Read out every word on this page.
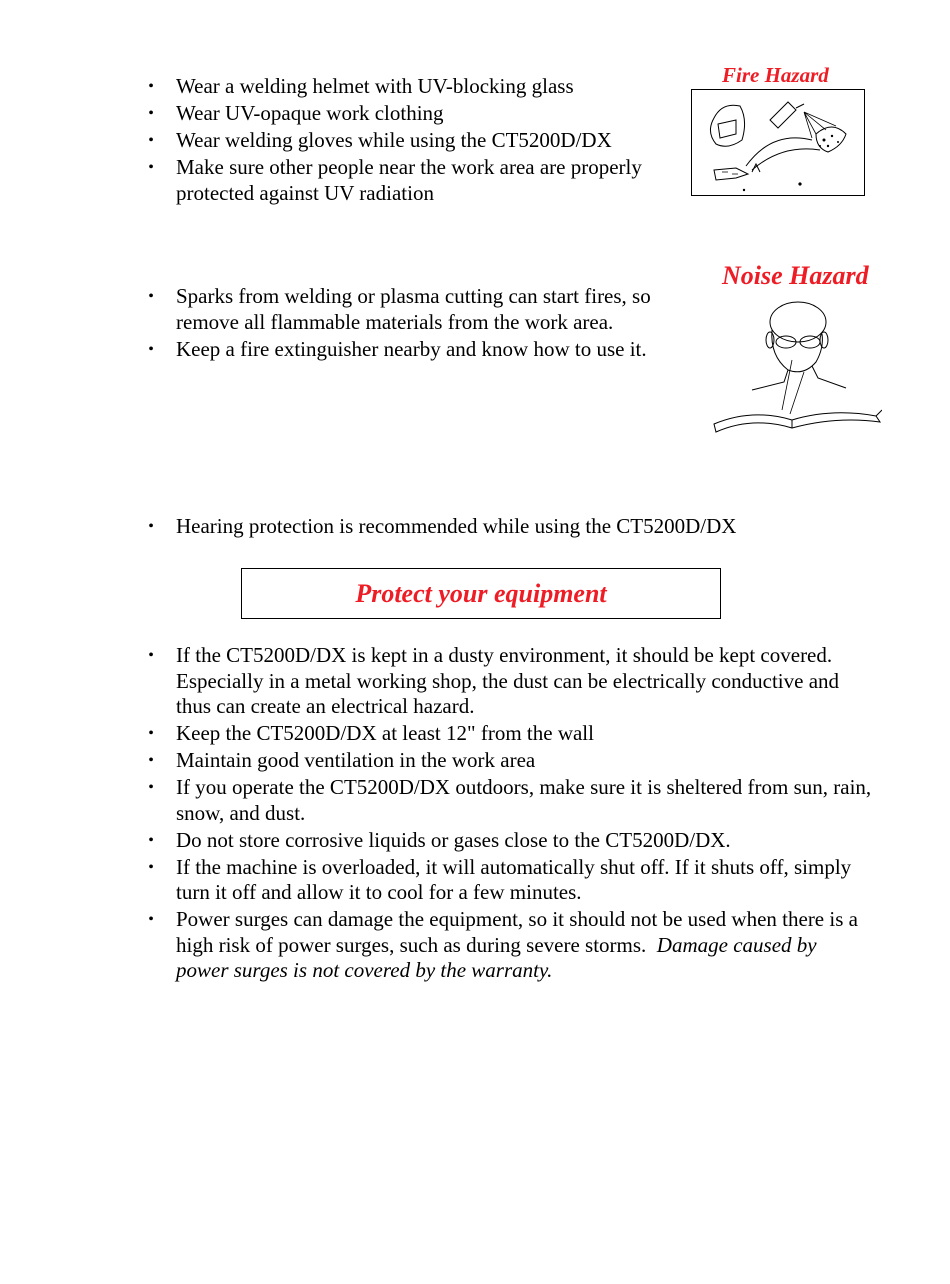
• Wear a welding helmet with UV-blocking glass
• Wear UV-opaque work clothing
• Wear welding gloves while using the CT5200D/DX
• Make sure other people near the work area are properly protected against UV radiation
Fire Hazard
• Sparks from welding or plasma cutting can start fires, so remove all flammable materials from the work area.
• Keep a fire extinguisher nearby and know how to use it.
Noise Hazard
• Hearing protection is recommended while using the CT5200D/DX
Protect your equipment
• If the CT5200D/DX is kept in a dusty environment, it should be kept covered. Especially in a metal working shop, the dust can be electrically conductive and thus can create an electrical hazard.
• Keep the CT5200D/DX at least 12" from the wall
• Maintain good ventilation in the work area
• If you operate the CT5200D/DX outdoors, make sure it is sheltered from sun, rain, snow, and dust.
• Do not store corrosive liquids or gases close to the CT5200D/DX.
• If the machine is overloaded, it will automatically shut off. If it shuts off, simply turn it off and allow it to cool for a few minutes.
• Power surges can damage the equipment, so it should not be used when there is a high risk of power surges, such as during severe storms. Damage caused by power surges is not covered by the warranty.
